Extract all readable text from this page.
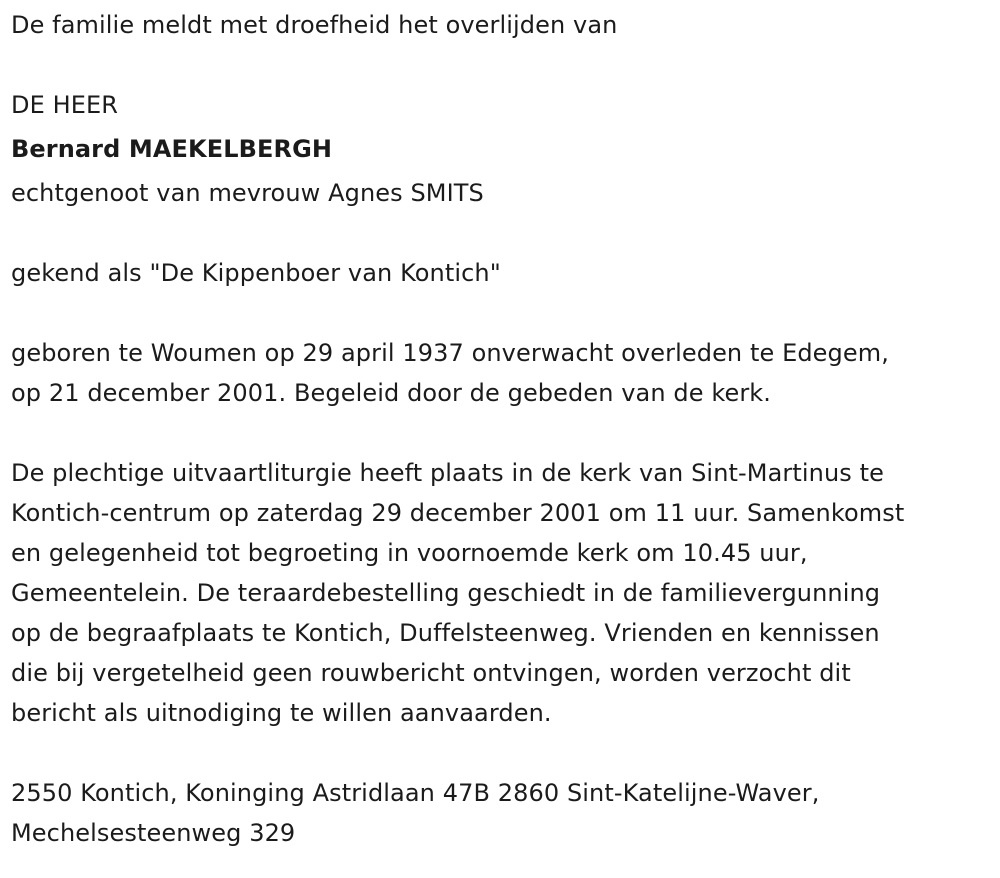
De familie meldt met droefheid het overlijden van
DE HEER
Bernard MAEKELBERGH
echtgenoot van mevrouw Agnes SMITS
gekend als "De Kippenboer van Kontich"
geboren te Woumen op 29 april 1937 onverwacht overleden te Edegem,
op 21 december 2001. Begeleid door de gebeden van de kerk.
De plechtige uitvaartliturgie heeft plaats in de kerk van Sint-Martinus te
Kontich-centrum op zaterdag 29 december 2001 om 11 uur. Samenkomst
en gelegenheid tot begroeting in voornoemde kerk om 10.45 uur,
Gemeentelein. De teraardebestelling geschiedt in de familievergunning
op de begraafplaats te Kontich, Duffelsteenweg. Vrienden en kennissen
die bij vergetelheid geen rouwbericht ontvingen, worden verzocht dit
bericht als uitnodiging te willen aanvaarden.
2550 Kontich, Koninging Astridlaan 47B 2860 Sint-Katelijne-Waver,
Mechelsesteenweg 329
